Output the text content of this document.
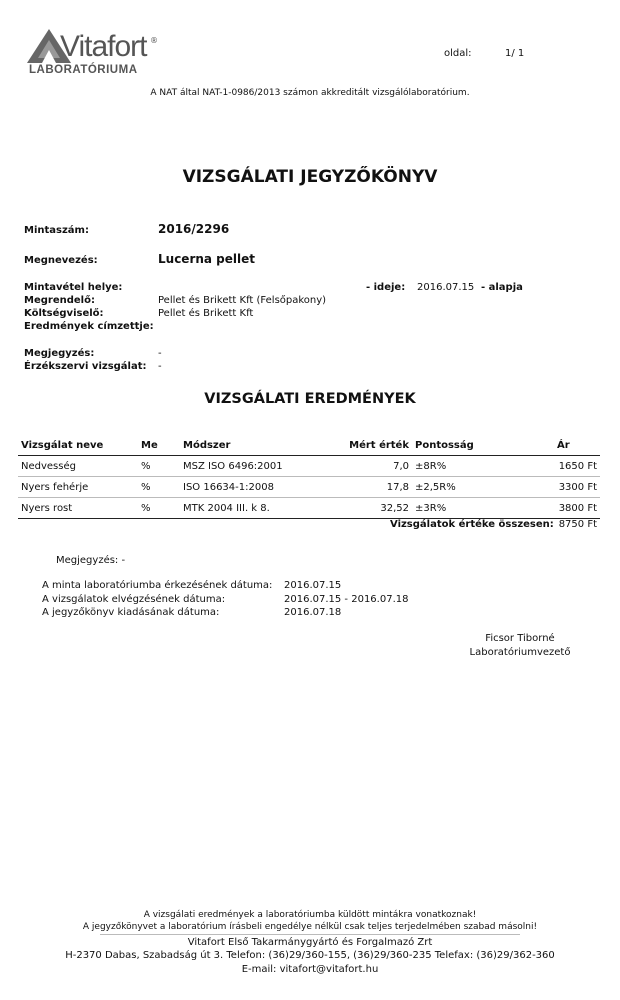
Vitafort ®
LABORATÓRIUMA
oldal:	1/ 1
A NAT által NAT-1-0986/2013 számon akkreditált vizsgálólaboratórium.
VIZSGÁLATI JEGYZŐKÖNYV
Mintaszám:	2016/2296
Megnevezés:	Lucerna pellet
Mintavétel helye:	- ideje: 2016.07.15 - alapja
Megrendelő:	Pellet és Brikett Kft (Felsőpakony)
Költségviselő:	Pellet és Brikett Kft
Eredmények címzettje:
Megjegyzés:	-
Érzékszervi vizsgálat: -
VIZSGÁLATI EREDMÉNYEK
Vizsgálat neve	Me	Módszer	Mért érték	Pontosság	Ár
Nedvesség	%	MSZ ISO 6496:2001	7,0	±8R%	1650 Ft
Nyers fehérje	%	ISO 16634-1:2008	17,8	±2,5R%	3300 Ft
Nyers rost	%	MTK 2004 III. k 8.	32,52	±3R%	3800 Ft
Vizsgálatok értéke összesen: 8750 Ft
Megjegyzés: -
A minta laboratóriumba érkezésének dátuma: 2016.07.15
A vizsgálatok elvégzésének dátuma:	2016.07.15 - 2016.07.18
A jegyzőkönyv kiadásának dátuma:	2016.07.18
Ficsor Tiborné
Laboratóriumvezető
A vizsgálati eredmények a laboratóriumba küldött mintákra vonatkoznak!
A jegyzőkönyvet a laboratórium írásbeli engedélye nélkül csak teljes terjedelmében szabad másolni!
Vitafort Első Takarmánygyártó és Forgalmazó Zrt
H-2370 Dabas, Szabadság út 3. Telefon: (36)29/360-155, (36)29/360-235 Telefax: (36)29/362-360
E-mail: vitafort@vitafort.hu
